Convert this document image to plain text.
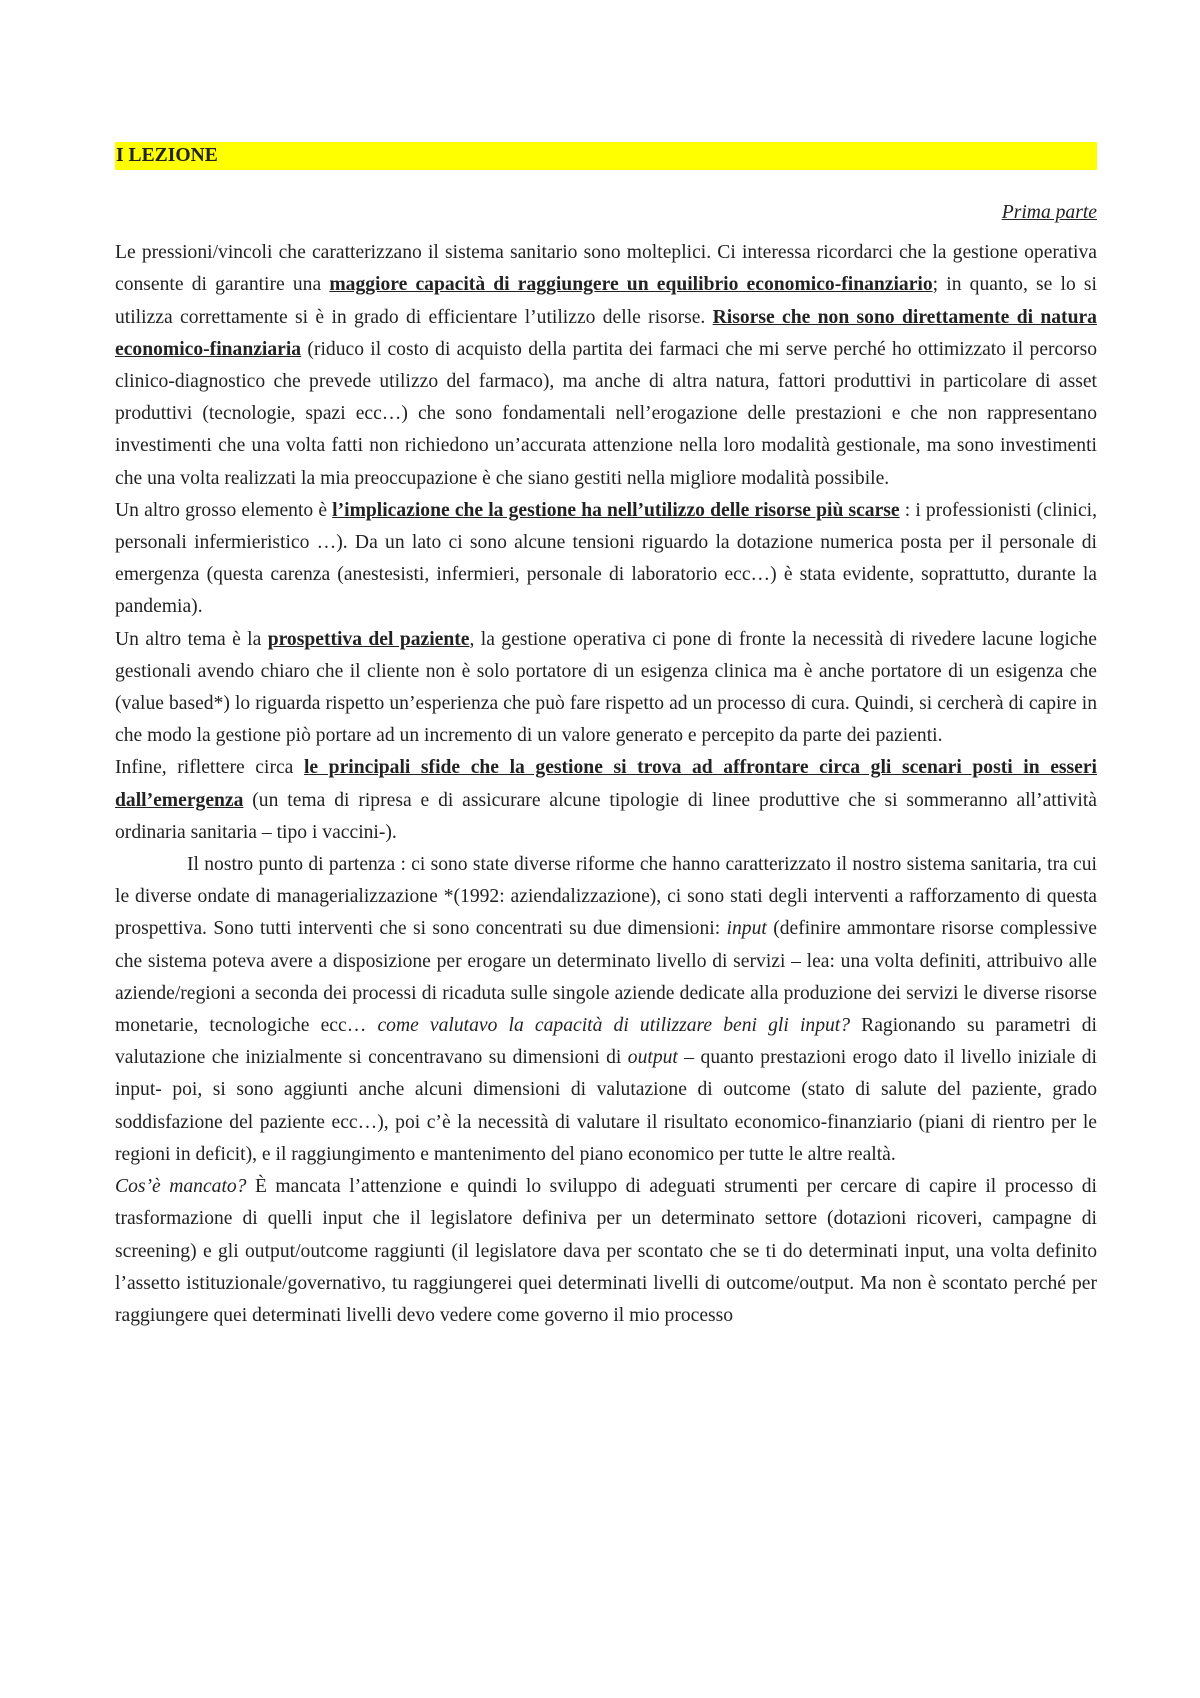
I LEZIONE
Prima parte

Le pressioni/vincoli che caratterizzano il sistema sanitario sono molteplici. Ci interessa ricordarci che la gestione operativa consente di garantire una maggiore capacità di raggiungere un equilibrio economico-finanziario; in quanto, se lo si utilizza correttamente si è in grado di efficientare l’utilizzo delle risorse. Risorse che non sono direttamente di natura economico-finanziaria (riduco il costo di acquisto della partita dei farmaci che mi serve perché ho ottimizzato il percorso clinico-diagnostico che prevede utilizzo del farmaco), ma anche di altra natura, fattori produttivi in particolare di asset produttivi (tecnologie, spazi ecc…) che sono fondamentali nell’erogazione delle prestazioni e che non rappresentano investimenti che una volta fatti non richiedono un’accurata attenzione nella loro modalità gestionale, ma sono investimenti che una volta realizzati la mia preoccupazione è che siano gestiti nella migliore modalità possibile.

Un altro grosso elemento è l’implicazione che la gestione ha nell’utilizzo delle risorse più scarse : i professionisti (clinici, personali infermieristico …). Da un lato ci sono alcune tensioni riguardo la dotazione numerica posta per il personale di emergenza (questa carenza (anestesisti, infermieri, personale di laboratorio ecc…) è stata evidente, soprattutto, durante la pandemia).

Un altro tema è la prospettiva del paziente, la gestione operativa ci pone di fronte la necessità di rivedere lacune logiche gestionali avendo chiaro che il cliente non è solo portatore di un esigenza clinica ma è anche portatore di un esigenza che (value based*) lo riguarda rispetto un’esperienza che può fare rispetto ad un processo di cura. Quindi, si cercherà di capire in che modo la gestione piò portare ad un incremento di un valore generato e percepito da parte dei pazienti.

Infine, riflettere circa le principali sfide che la gestione si trova ad affrontare circa gli scenari posti in esseri dall’emergenza (un tema di ripresa e di assicurare alcune tipologie di linee produttive che si sommeranno all’attività ordinaria sanitaria – tipo i vaccini-).

Il nostro punto di partenza : ci sono state diverse riforme che hanno caratterizzato il nostro sistema sanitaria, tra cui le diverse ondate di managerializzazione *(1992: aziendalizzazione), ci sono stati degli interventi a rafforzamento di questa prospettiva. Sono tutti interventi che si sono concentrati su due dimensioni: input (definire ammontare risorse complessive che sistema poteva avere a disposizione per erogare un determinato livello di servizi – lea: una volta definiti, attribuivo alle aziende/regioni a seconda dei processi di ricaduta sulle singole aziende dedicate alla produzione dei servizi le diverse risorse monetarie, tecnologiche ecc… come valutavo la capacità di utilizzare beni gli input? Ragionando su parametri di valutazione che inizialmente si concentravano su dimensioni di output – quanto prestazioni erogo dato il livello iniziale di input- poi, si sono aggiunti anche alcuni dimensioni di valutazione di outcome (stato di salute del paziente, grado soddisfazione del paziente ecc…), poi c’è la necessità di valutare il risultato economico-finanziario (piani di rientro per le regioni in deficit), e il raggiungimento e mantenimento del piano economico per tutte le altre realtà.

Cos’è mancato? È mancata l’attenzione e quindi lo sviluppo di adeguati strumenti per cercare di capire il processo di trasformazione di quelli input che il legislatore definiva per un determinato settore (dotazioni ricoveri, campagne di screening) e gli output/outcome raggiunti (il legislatore dava per scontato che se ti do determinati input, una volta definito l’assetto istituzionale/governativo, tu raggiungerei quei determinati livelli di outcome/output. Ma non è scontato perché per raggiungere quei determinati livelli devo vedere come governo il mio processo
